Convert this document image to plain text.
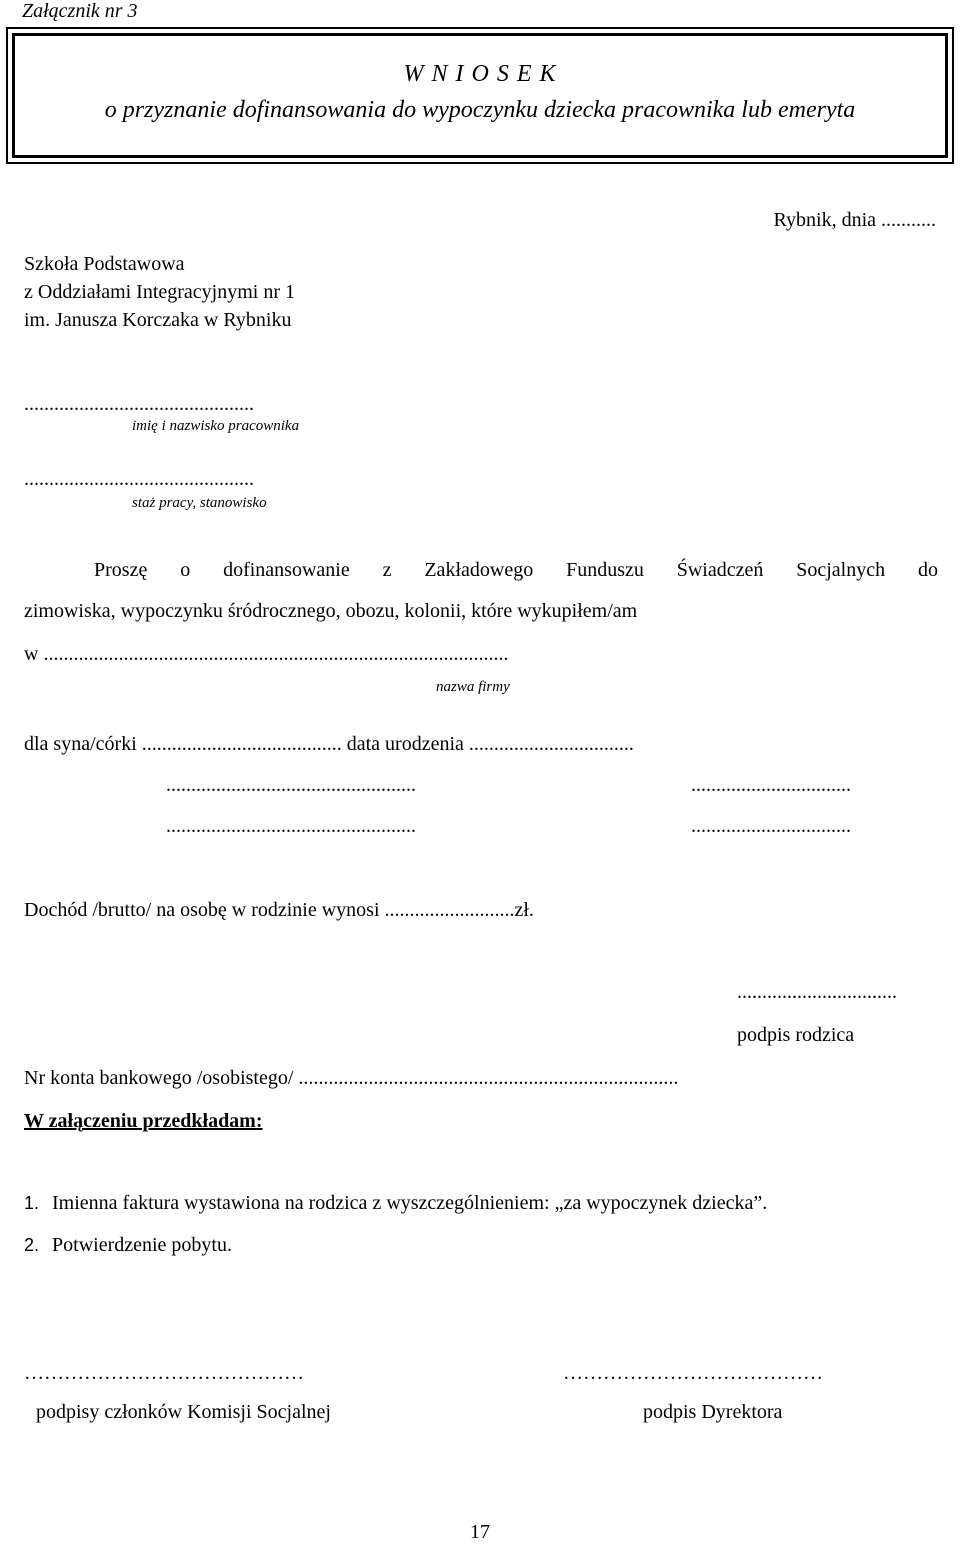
Załącznik nr 3
W N I O S E K
o przyznanie dofinansowania do wypoczynku dziecka pracownika lub emeryta
Rybnik, dnia ...........
Szkoła Podstawowa
z Oddziałami Integracyjnymi nr 1
im. Janusza Korczaka w Rybniku
..............................................
imię i nazwisko pracownika
..............................................
staż pracy, stanowisko
Proszę o dofinansowanie z Zakładowego Funduszu Świadczeń Socjalnych do
zimowiska, wypoczynku śródrocznego, obozu, kolonii, które wykupiłem/am
w .............................................................................................
nazwa firmy
dla syna/córki ........................................ data urodzenia .................................
..................................................	................................
..................................................	................................
Dochód /brutto/ na osobę w rodzinie wynosi ..........................zł.
................................
podpis rodzica
Nr konta bankowego /osobistego/ ............................................................................
W załączeniu przedkładam:
1. Imienna faktura wystawiona na rodzica z wyszczególnieniem: „za wypoczynek dziecka”.
2. Potwierdzenie pobytu.
……………………………………
podpisy członków Komisji Socjalnej
…………………………………
podpis Dyrektora
17
